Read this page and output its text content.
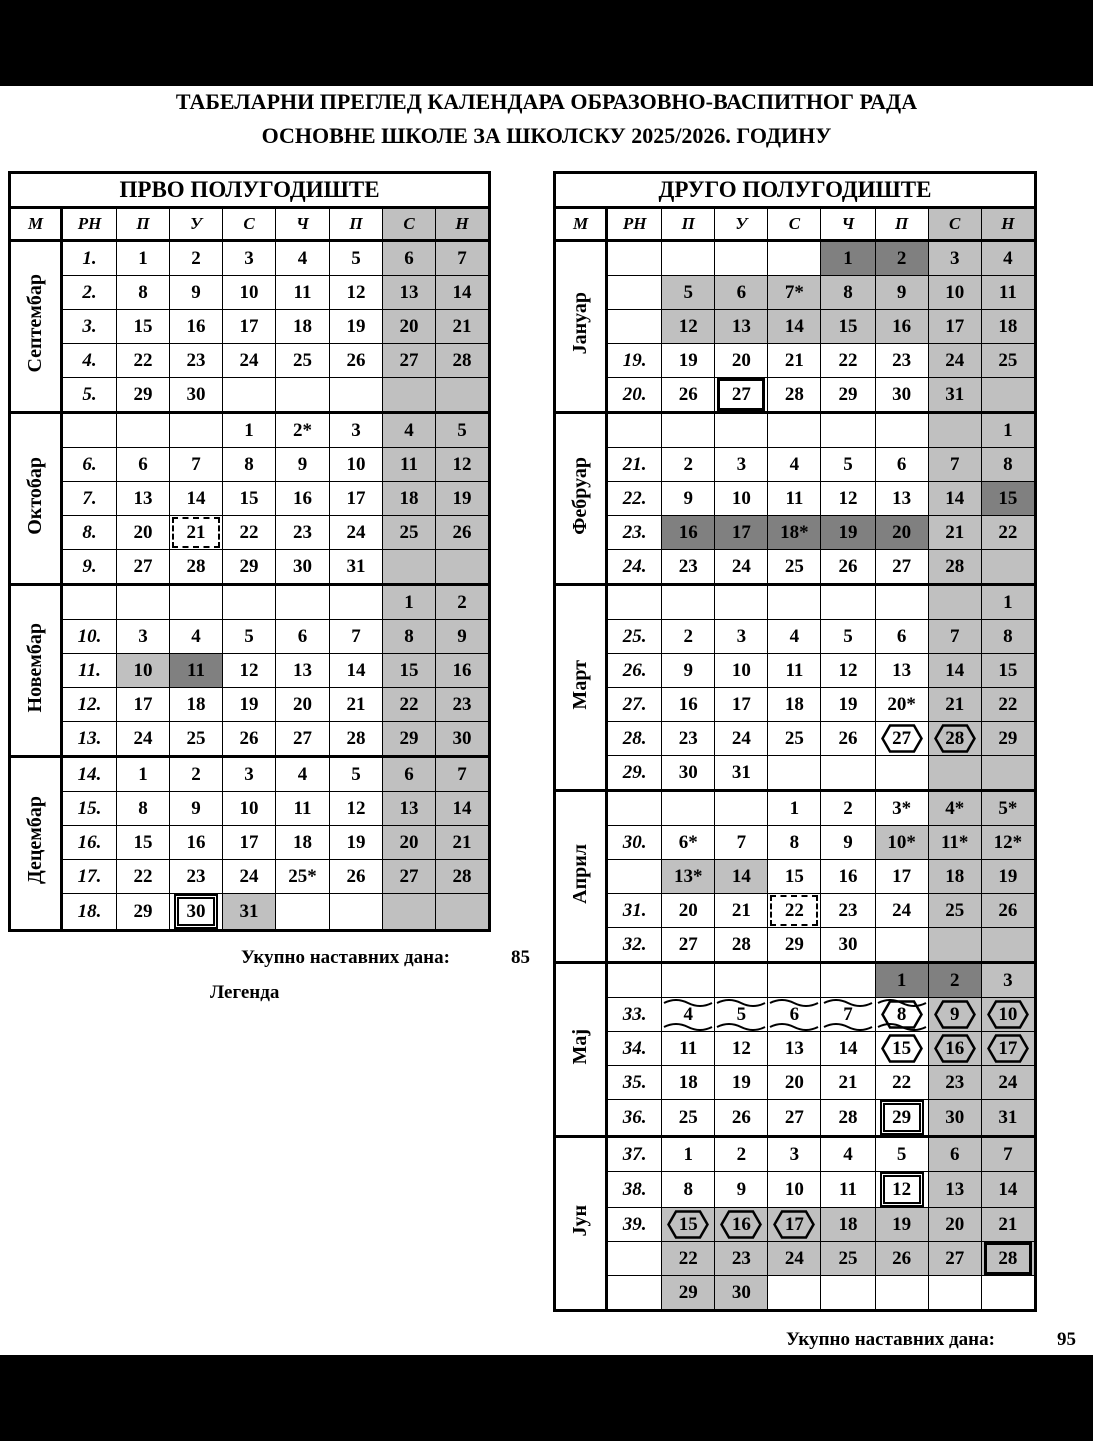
ТАБЕЛАРНИ ПРЕГЛЕД КАЛЕНДАРА ОБРАЗОВНО-ВАСПИТНОГ РАДА
ОСНОВНЕ ШКОЛЕ ЗА ШКОЛСКУ 2025/2026. ГОДИНУ
ПРВО ПОЛУГОДИШТЕ								
М	РН	П	У	С	Ч	П	С	Н
Септембар	1.	1	2	3	4	5	6	7
	2.	8	9	10	11	12	13	14
	3.	15	16	17	18	19	20	21
	4.	22	23	24	25	26	27	28
	5.	29	30					
Октобар				1	2*	3	4	5
	6.	6	7	8	9	10	11	12
	7.	13	14	15	16	17	18	19
	8.	20	21	22	23	24	25	26
	9.	27	28	29	30	31		
Новембар							1	2
	10.	3	4	5	6	7	8	9
	11.	10	11	12	13	14	15	16
	12.	17	18	19	20	21	22	23
	13.	24	25	26	27	28	29	30
Децембар	14.	1	2	3	4	5	6	7
	15.	8	9	10	11	12	13	14
	16.	15	16	17	18	19	20	21
	17.	22	23	24	25*	26	27	28
	18.	29	30	31				
ДРУГО ПОЛУГОДИШТЕ								
М	РН	П	У	С	Ч	П	С	Н
Јануар					1	2	3	4
		5	6	7*	8	9	10	11
		12	13	14	15	16	17	18
	19.	19	20	21	22	23	24	25
	20.	26	27	28	29	30	31	
Фебруар								1
	21.	2	3	4	5	6	7	8
	22.	9	10	11	12	13	14	15
	23.	16	17	18*	19	20	21	22
	24.	23	24	25	26	27	28	
Март								1
	25.	2	3	4	5	6	7	8
	26.	9	10	11	12	13	14	15
	27.	16	17	18	19	20*	21	22
	28.	23	24	25	26	27	28	29
	29.	30	31					
Април				1	2	3*	4*	5*
	30.	6*	7	8	9	10*	11*	12*
		13*	14	15	16	17	18	19
	31.	20	21	22	23	24	25	26
	32.	27	28	29	30			
Мај						1	2	3
	33.	4	5	6	7	8	9	10
	34.	11	12	13	14	15	16	17
	35.	18	19	20	21	22	23	24
	36.	25	26	27	28	29	30	31
Јун	37.	1	2	3	4	5	6	7
	38.	8	9	10	11	12	13	14
	39.	15	16	17	18	19	20	21
		22	23	24	25	26	27	28
		29	30					
Укупно наставних дана:	85
Укупно наставних дана:	95
Легенда
